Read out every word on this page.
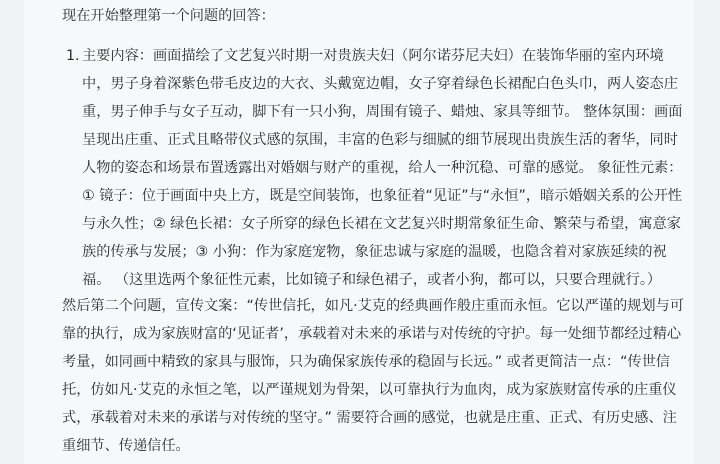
现在开始整理第一个问题的回答：

1. 主要内容：画面描绘了文艺复兴时期一对贵族夫妇（阿尔诺芬尼夫妇）在装饰华丽的室内环境
中，男子身着深紫色带毛皮边的大衣、头戴宽边帽，女子穿着绿色长裙配白色头巾，两人姿态庄
重，男子伸手与女子互动，脚下有一只小狗，周围有镜子、蜡烛、家具等细节。 整体氛围：画面
呈现出庄重、正式且略带仪式感的氛围，丰富的色彩与细腻的细节展现出贵族生活的奢华，同时
人物的姿态和场景布置透露出对婚姻与财产的重视，给人一种沉稳、可靠的感觉。 象征性元素：
① 镜子：位于画面中央上方，既是空间装饰，也象征着“见证”与“永恒”，暗示婚姻关系的公开性
与永久性；② 绿色长裙：女子所穿的绿色长裙在文艺复兴时期常象征生命、繁荣与希望，寓意家
族的传承与发展；③ 小狗：作为家庭宠物，象征忠诚与家庭的温暖，也隐含着对家族延续的祝
福。 （这里选两个象征性元素，比如镜子和绿色裙子，或者小狗，都可以，只要合理就行。）
然后第二个问题，宣传文案：“传世信托，如凡·艾克的经典画作般庄重而永恒。它以严谨的规划与可
靠的执行，成为家族财富的‘见证者’，承载着对未来的承诺与对传统的守护。每一处细节都经过精心
考量，如同画中精致的家具与服饰，只为确保家族传承的稳固与长远。” 或者更简洁一点：“传世信
托，仿如凡·艾克的永恒之笔，以严谨规划为骨架，以可靠执行为血肉，成为家族财富传承的庄重仪
式，承载着对未来的承诺与对传统的坚守。” 需要符合画的感觉，也就是庄重、正式、有历史感、注
重细节、传递信任。
